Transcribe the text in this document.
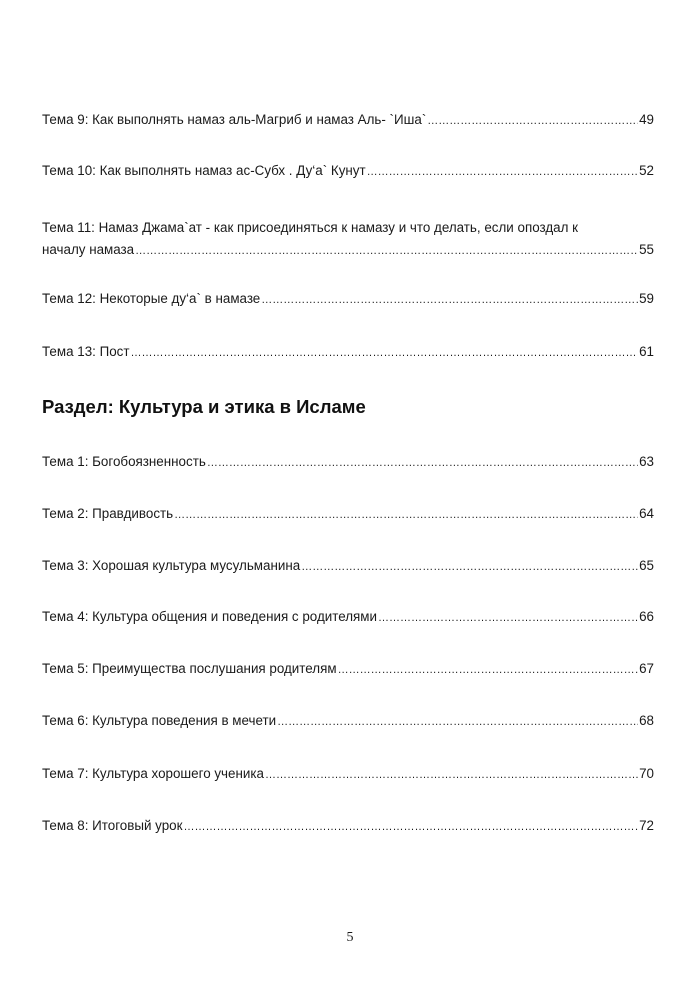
Тема 9: Как выполнять намаз аль-Магриб и намаз Аль- `Иша` ……………………………………………………………………………………………………………………………………………………………………………………………………………………	49
Тема 10: Как выполнять намаз ас-Субх . Ду‘а` Кунут ……………………………………………………………………………………………………………………………………………………………………………………………………………………	52
Тема 11: Намаз Джама`ат - как присоединяться к намазу и что делать, если опоздал к
началу намаза ……………………………………………………………………………………………………………………………………………………………………………………………………………………	55
Тема 12: Некоторые ду‘а` в намазе ……………………………………………………………………………………………………………………………………………………………………………………………………………………	59
Тема 13: Пост ……………………………………………………………………………………………………………………………………………………………………………………………………………………	61
Раздел: Культура и этика в Исламе
Тема 1: Богобоязненность ……………………………………………………………………………………………………………………………………………………………………………………………………………………	63
Тема 2: Правдивость ……………………………………………………………………………………………………………………………………………………………………………………………………………………	64
Тема 3: Хорошая культура мусульманина ……………………………………………………………………………………………………………………………………………………………………………………………………………………	65
Тема 4: Культура общения и поведения с родителями ……………………………………………………………………………………………………………………………………………………………………………………………………………………	66
Тема 5: Преимущества послушания родителям ……………………………………………………………………………………………………………………………………………………………………………………………………………………	67
Тема 6: Культура поведения в мечети ……………………………………………………………………………………………………………………………………………………………………………………………………………………	68
Тема 7: Культура хорошего ученика ……………………………………………………………………………………………………………………………………………………………………………………………………………………	70
Тема 8: Итоговый урок ……………………………………………………………………………………………………………………………………………………………………………………………………………………	72
5
